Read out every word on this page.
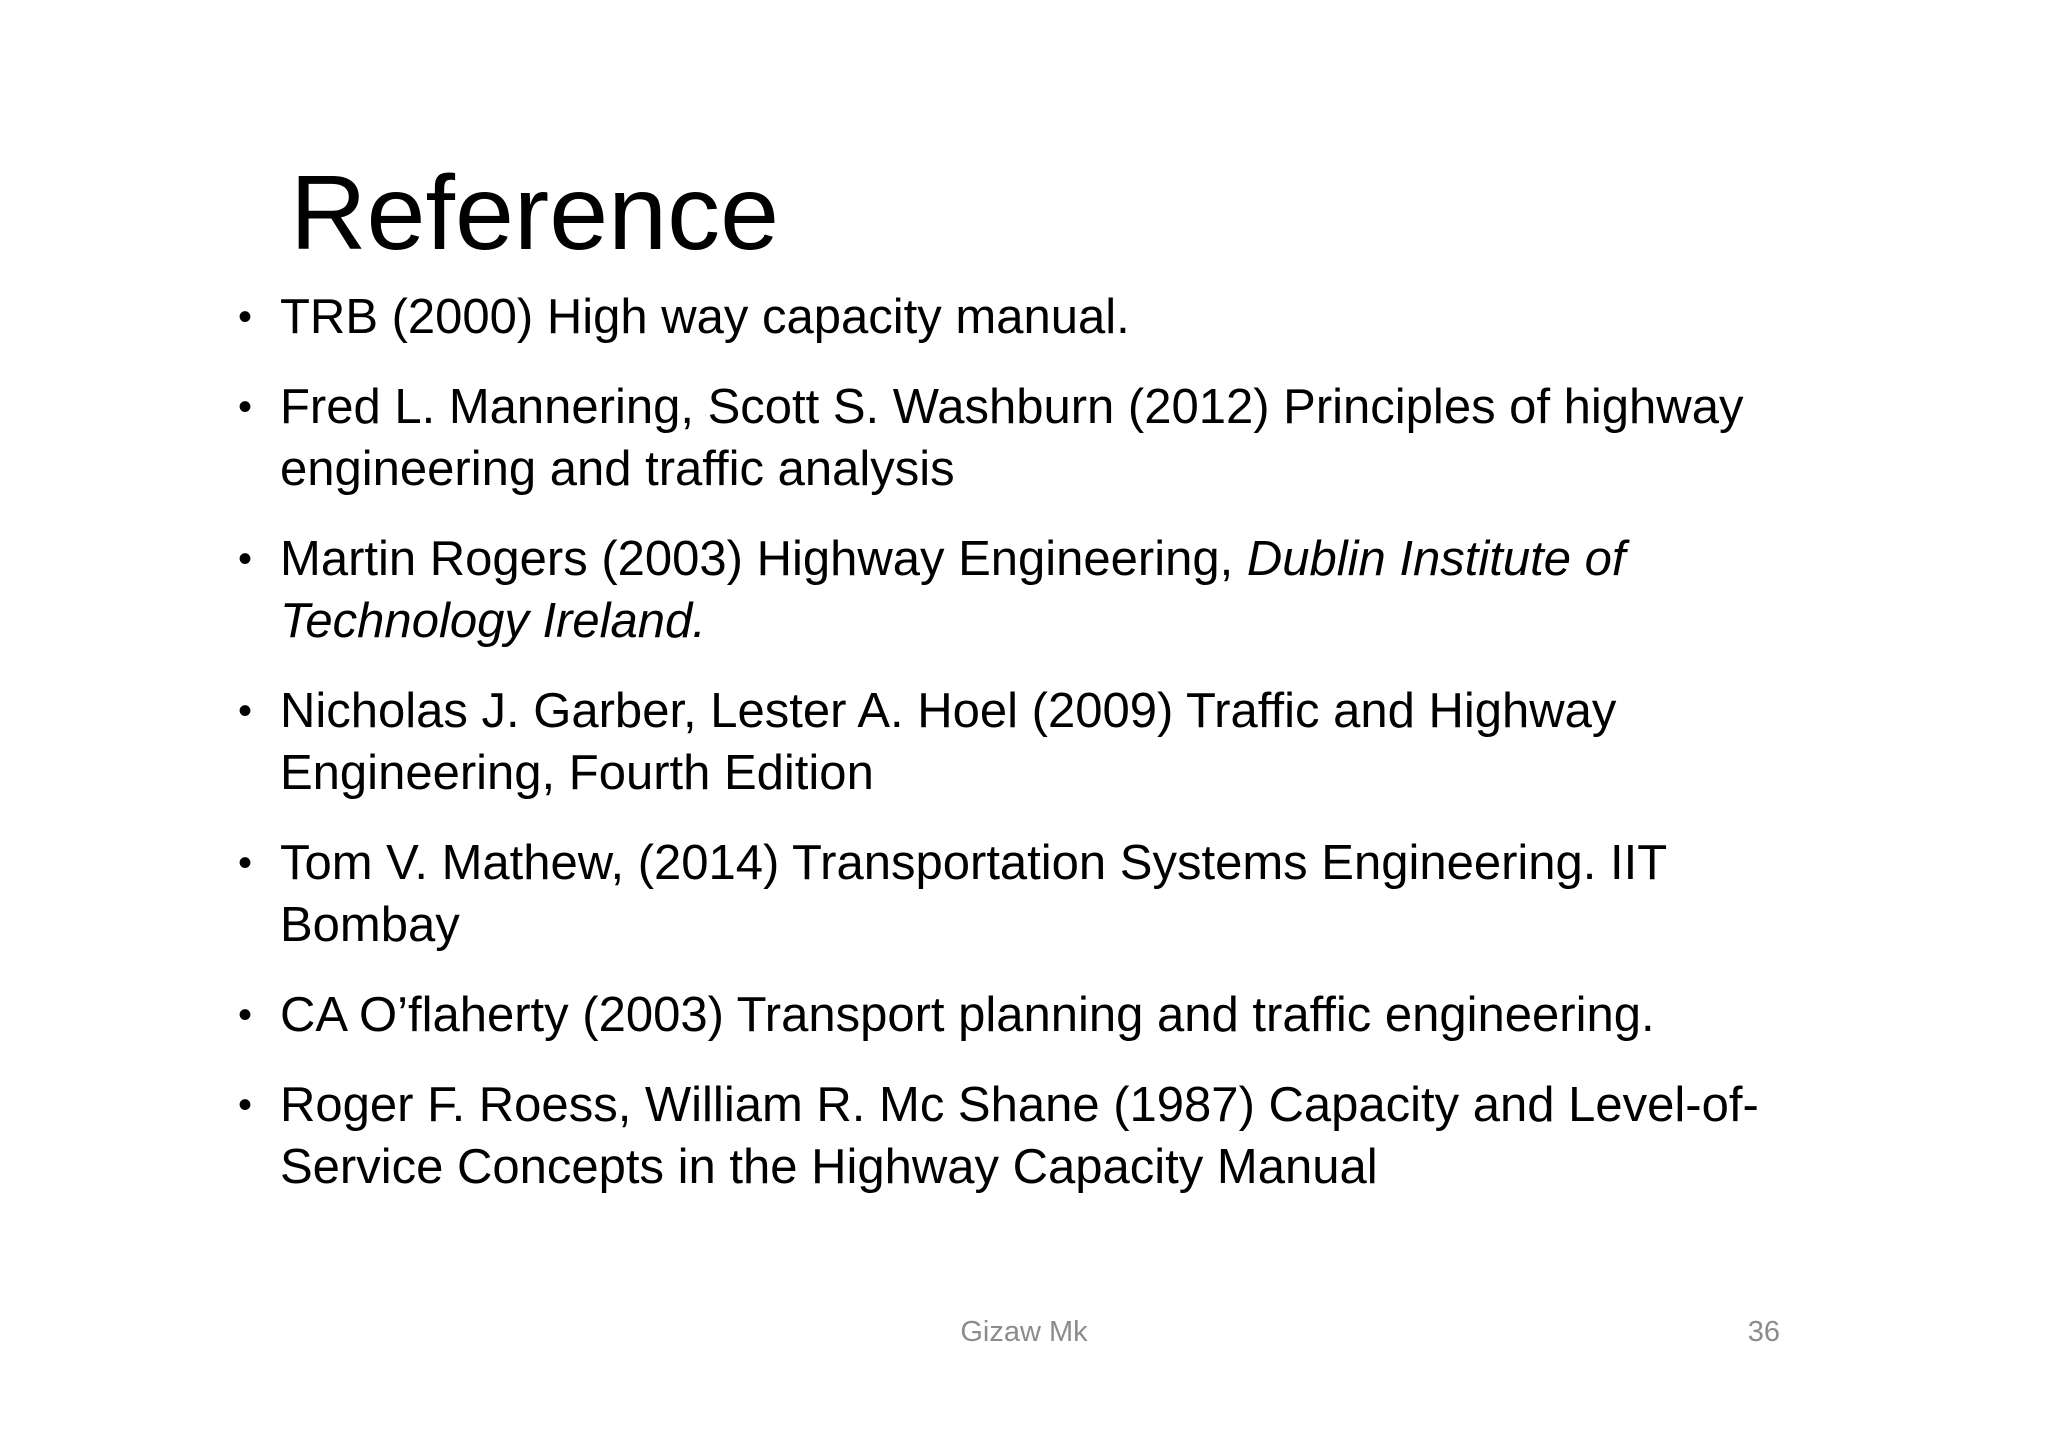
Reference
• TRB (2000) High way capacity manual.
• Fred L. Mannering, Scott S. Washburn (2012) Principles of highway engineering and traffic analysis
• Martin Rogers (2003) Highway Engineering, Dublin Institute of Technology Ireland.
• Nicholas J. Garber, Lester A. Hoel (2009) Traffic and Highway Engineering, Fourth Edition
• Tom V. Mathew, (2014) Transportation Systems Engineering. IIT Bombay
• CA O’flaherty (2003) Transport planning and traffic engineering.
• Roger F. Roess, William R. Mc Shane (1987) Capacity and Level-of-Service Concepts in the Highway Capacity Manual
Gizaw Mk	36
